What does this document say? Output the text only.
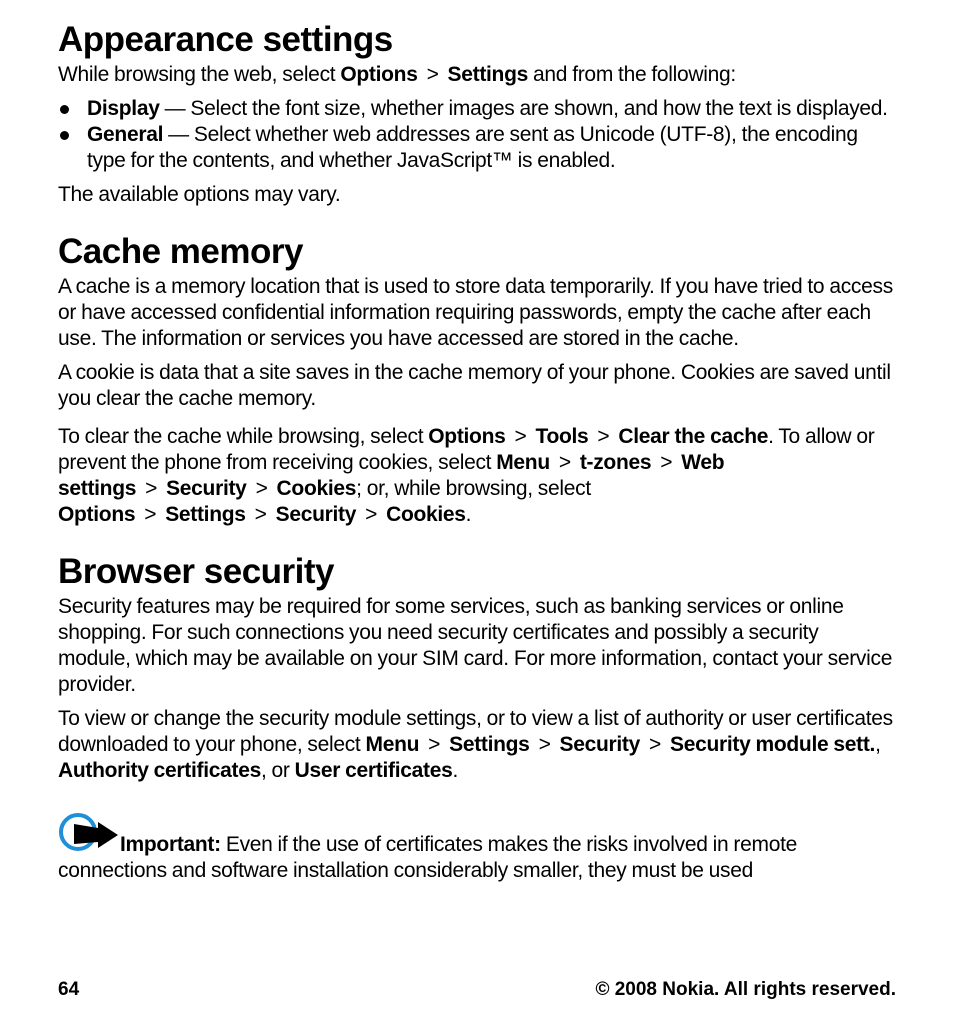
Appearance settings

While browsing the web, select Options > Settings and from the following:

Display — Select the font size, whether images are shown, and how the text is displayed.
General — Select whether web addresses are sent as Unicode (UTF-8), the encoding type for the contents, and whether JavaScript™ is enabled.

The available options may vary.

Cache memory

A cache is a memory location that is used to store data temporarily. If you have tried to access or have accessed confidential information requiring passwords, empty the cache after each use. The information or services you have accessed are stored in the cache.

A cookie is data that a site saves in the cache memory of your phone. Cookies are saved until you clear the cache memory.

To clear the cache while browsing, select Options > Tools > Clear the cache. To allow or prevent the phone from receiving cookies, select Menu > t-zones > Web settings > Security > Cookies; or, while browsing, select Options > Settings > Security > Cookies.

Browser security

Security features may be required for some services, such as banking services or online shopping. For such connections you need security certificates and possibly a security module, which may be available on your SIM card. For more information, contact your service provider.

To view or change the security module settings, or to view a list of authority or user certificates downloaded to your phone, select Menu > Settings > Security > Security module sett., Authority certificates, or User certificates.

Important: Even if the use of certificates makes the risks involved in remote connections and software installation considerably smaller, they must be used

64	© 2008 Nokia. All rights reserved.
